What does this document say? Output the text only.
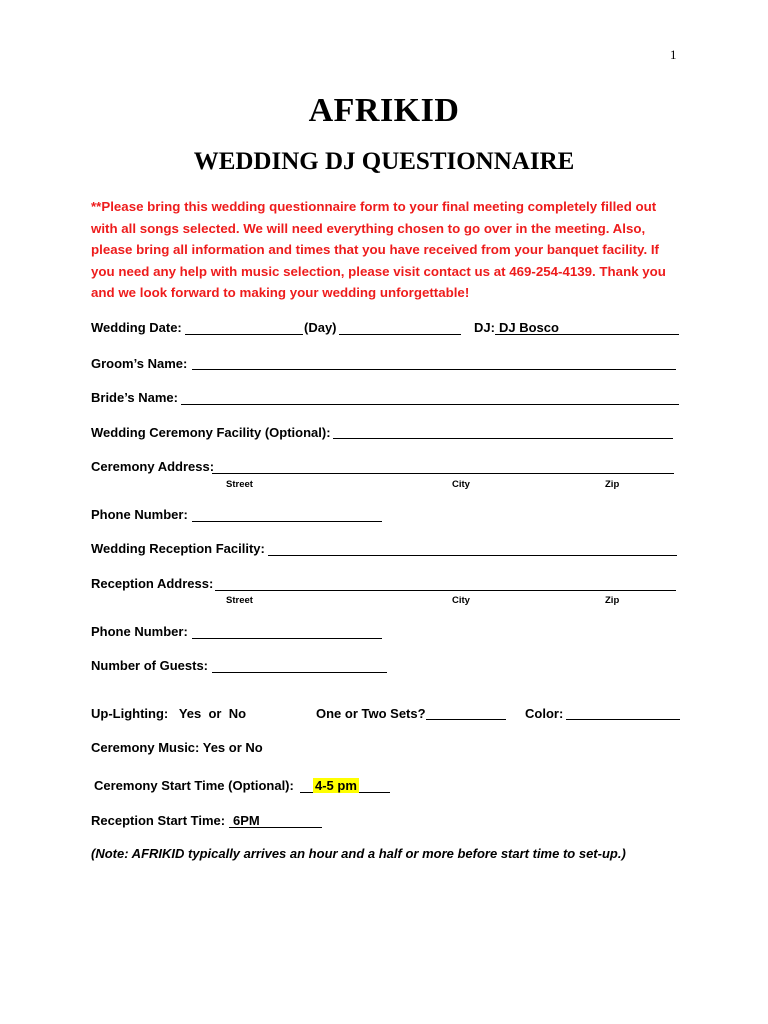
1
AFRIKID
WEDDING DJ QUESTIONNAIRE
**Please bring this wedding questionnaire form to your final meeting completely filled out with all songs selected. We will need everything chosen to go over in the meeting. Also, please bring all information and times that you have received from your banquet facility. If you need any help with music selection, please visit contact us at 469-254-4139. Thank you and we look forward to making your wedding unforgettable!
Wedding Date:	(Day)	DJ: DJ Bosco
Groom’s Name:
Bride’s Name:
Wedding Ceremony Facility (Optional):
Ceremony Address:
Street	City	Zip
Phone Number:
Wedding Reception Facility:
Reception Address:
Street	City	Zip
Phone Number:
Number of Guests:
Up-Lighting:   Yes  or  No	One or Two Sets?	Color:
Ceremony Music: Yes or No
Ceremony Start Time (Optional): 4-5 pm
Reception Start Time: 6PM
(Note: AFRIKID typically arrives an hour and a half or more before start time to set-up.)
